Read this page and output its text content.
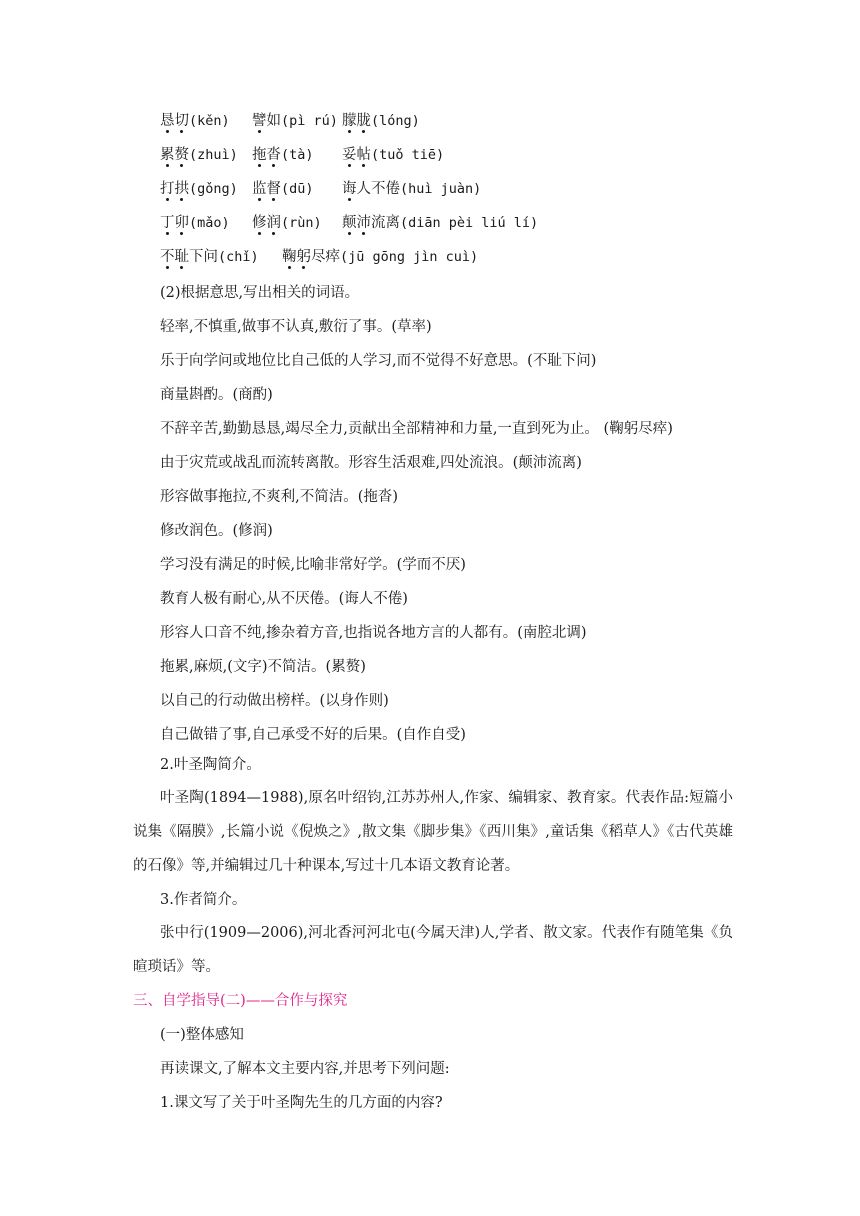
恳切(kěn) 譬如(pì rú) 朦胧(lóng)
累赘(zhuì) 拖沓(tà) 妥帖(tuǒ tiē)
打拱(gǒng) 监督(dū) 诲人不倦(huì juàn)
丁卯(mǎo) 修润(rùn) 颠沛流离(diān pèi liú lí)
不耻下问(chǐ) 鞠躬尽瘁(jū gōng jìn cuì)
(2)根据意思,写出相关的词语。
轻率,不慎重,做事不认真,敷衍了事。(草率)
乐于向学问或地位比自己低的人学习,而不觉得不好意思。(不耻下问)
商量斟酌。(商酌)
不辞辛苦,勤勤恳恳,竭尽全力,贡献出全部精神和力量,一直到死为止。 (鞠躬尽瘁)
由于灾荒或战乱而流转离散。形容生活艰难,四处流浪。(颠沛流离)
形容做事拖拉,不爽利,不简洁。(拖沓)
修改润色。(修润)
学习没有满足的时候,比喻非常好学。(学而不厌)
教育人极有耐心,从不厌倦。(诲人不倦)
形容人口音不纯,掺杂着方音,也指说各地方言的人都有。(南腔北调)
拖累,麻烦,(文字)不简洁。(累赘)
以自己的行动做出榜样。(以身作则)
自己做错了事,自己承受不好的后果。(自作自受)
2.叶圣陶简介。
叶圣陶(1894—1988),原名叶绍钧,江苏苏州人,作家、编辑家、教育家。代表作品:短篇小说集《隔膜》,长篇小说《倪焕之》,散文集《脚步集》《西川集》,童话集《稻草人》《古代英雄的石像》等,并编辑过几十种课本,写过十几本语文教育论著。
3.作者简介。
张中行(1909—2006),河北香河河北屯(今属天津)人,学者、散文家。代表作有随笔集《负暄琐话》等。
三、自学指导(二)——合作与探究
(一)整体感知
再读课文,了解本文主要内容,并思考下列问题:
1.课文写了关于叶圣陶先生的几方面的内容?
